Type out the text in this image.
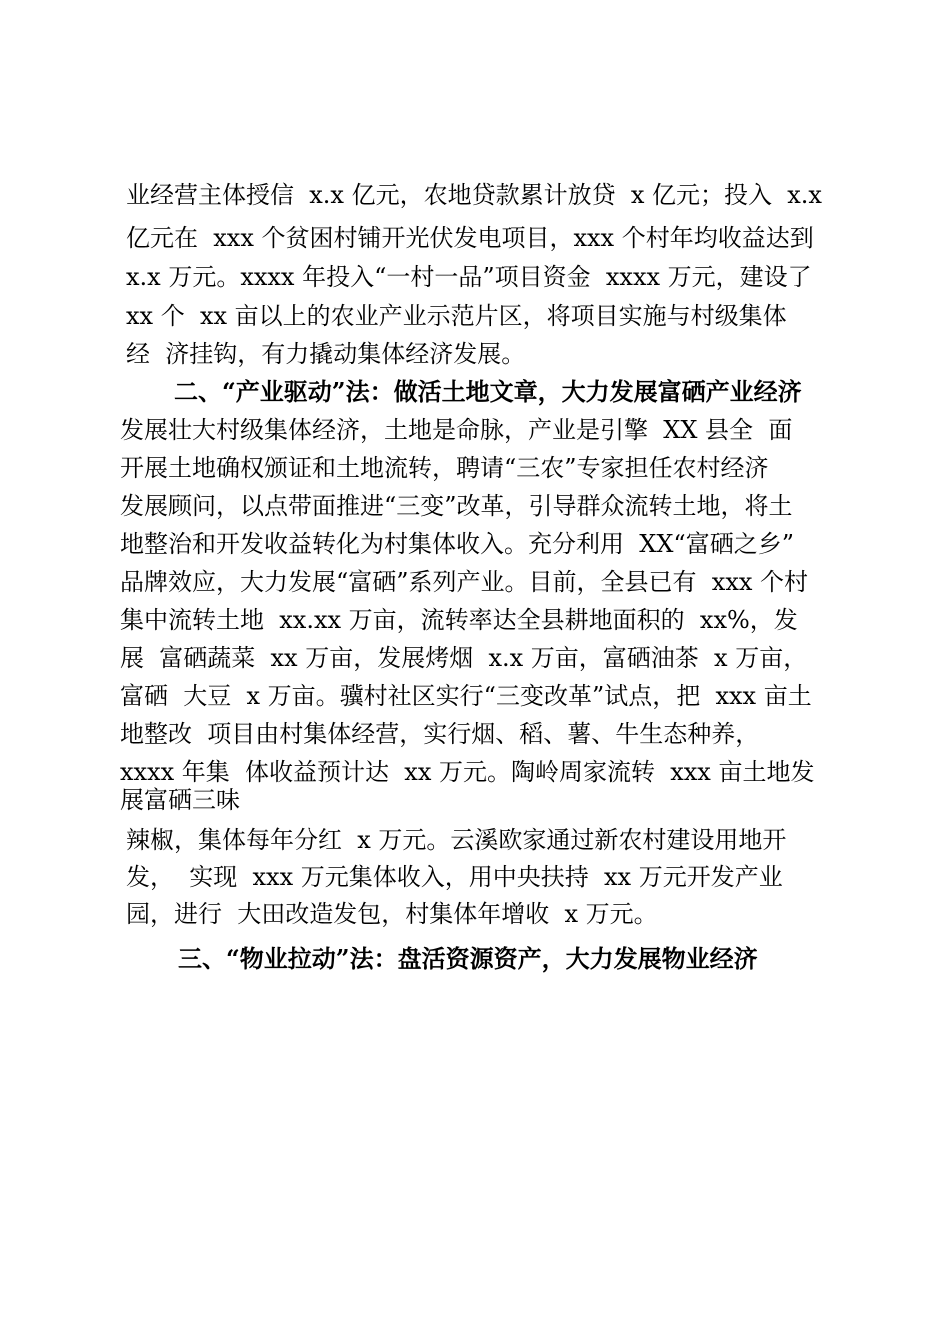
业经营主体授信  x.x 亿元，农地贷款累计放贷  x 亿元；投入  x.x
亿元在  xxx 个贫困村铺开光伏发电项目，xxx 个村年均收益达到
x.x 万元。xxxx 年投入“一村一品”项目资金  xxxx 万元，建设了
xx 个  xx 亩以上的农业产业示范片区，将项目实施与村级集体
经  济挂钩，有力撬动集体经济发展。
二、“产业驱动”法：做活土地文章，大力发展富硒产业经济
发展壮大村级集体经济，土地是命脉，产业是引擎  XX 县全  面
开展土地确权颁证和土地流转，聘请“三农”专家担任农村经济
发展顾问，以点带面推进“三变”改革，引导群众流转土地，将土
地整治和开发收益转化为村集体收入。充分利用  XX“富硒之乡”
品牌效应，大力发展“富硒”系列产业。目前，全县已有  xxx 个村
集中流转土地  xx.xx 万亩，流转率达全县耕地面积的  xx%，发
展  富硒蔬菜  xx 万亩，发展烤烟  x.x 万亩，富硒油茶  x 万亩，
富硒  大豆  x 万亩。骥村社区实行“三变改革”试点，把  xxx 亩土
地整改  项目由村集体经营，实行烟、稻、薯、牛生态种养，
xxxx 年集  体收益预计达  xx 万元。陶岭周家流转  xxx 亩土地发
展富硒三味
辣椒，集体每年分红  x 万元。云溪欧家通过新农村建设用地开
发，  实现  xxx 万元集体收入，用中央扶持  xx 万元开发产业
园，进行  大田改造发包，村集体年增收  x 万元。
三、“物业拉动”法：盘活资源资产，大力发展物业经济
